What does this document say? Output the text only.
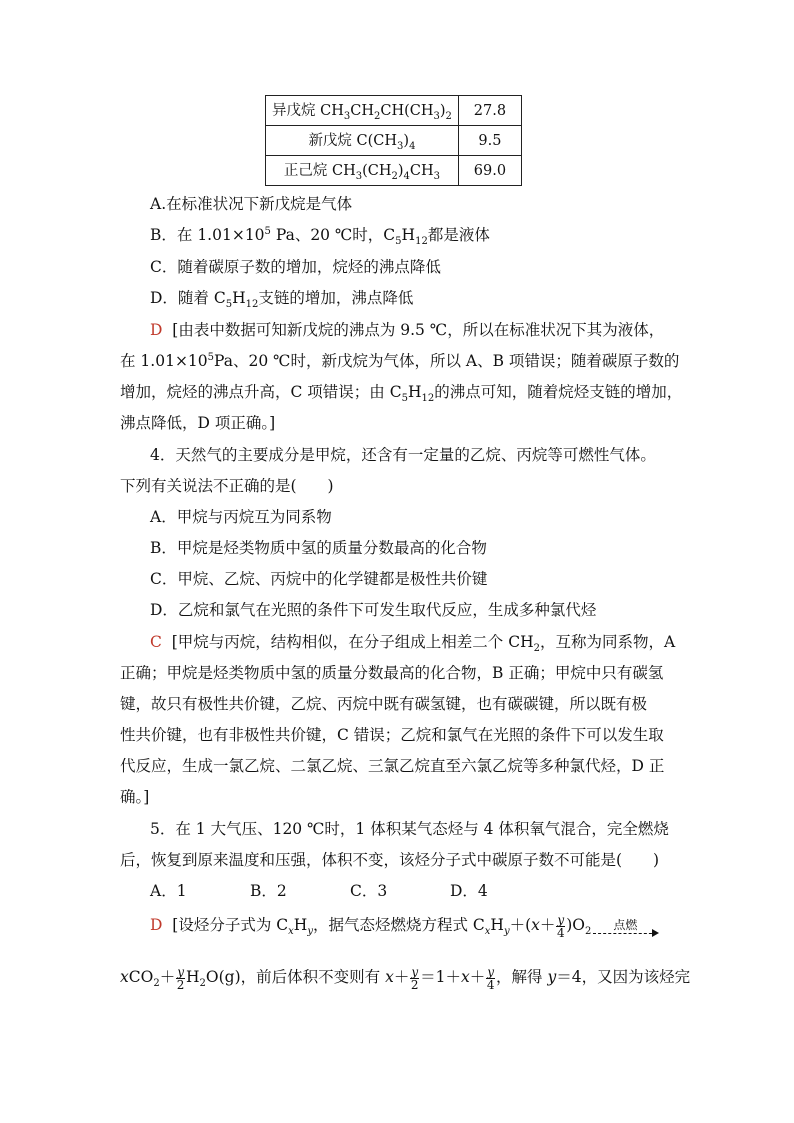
异戊烷 $CH_3CH_2CH(CH_3)_2$	27.8
新戊烷 $C(CH_3)_4$	9.5
正己烷 $CH_3(CH_2)_4CH_3$	69.0
A.在标准状况下新戊烷是气体
B．在 $1.01\times 10^5$ Pa、20 ℃时，$C_5H_{12}$都是液体
C．随着碳原子数的增加，烷烃的沸点降低
D．随着 $C_5H_{12}$支链的增加，沸点降低
D [由表中数据可知新戊烷的沸点为 9.5 ℃，所以在标准状况下其为液体，
在 $1.01\times 10^5Pa$、20 ℃时，新戊烷为气体，所以 A、B 项错误；随着碳原子数的
增加，烷烃的沸点升高，C 项错误；由 $C_5H_{12}$的沸点可知，随着烷烃支链的增加，
沸点降低，D 项正确。]
4．天然气的主要成分是甲烷，还含有一定量的乙烷、丙烷等可燃性气体。
下列有关说法不正确的是(　　)
A．甲烷与丙烷互为同系物
B．甲烷是烃类物质中氢的质量分数最高的化合物
C．甲烷、乙烷、丙烷中的化学键都是极性共价键
D．乙烷和氯气在光照的条件下可发生取代反应，生成多种氯代烃
C [甲烷与丙烷，结构相似，在分子组成上相差二个 $CH_2$，互称为同系物，A
正确；甲烷是烃类物质中氢的质量分数最高的化合物，B 正确；甲烷中只有碳氢
键，故只有极性共价键，乙烷、丙烷中既有碳氢键，也有碳碳键，所以既有极
性共价键，也有非极性共价键，C 错误；乙烷和氯气在光照的条件下可以发生取
代反应，生成一氯乙烷、二氯乙烷、三氯乙烷直至六氯乙烷等多种氯代烃，D 正
确。]
5．在 1 大气压、120 ℃时，1 体积某气态烃与 4 体积氧气混合，完全燃烧
后，恢复到原来温度和压强，体积不变，该烃分子式中碳原子数不可能是(　　)
A．1	B．2	C．3	D．4
D [设烃分子式为 $C_xH_y$，据气态烃燃烧方程式 $C_xH_y+(x+ \frac{y}{4} )O_2$
点燃
$xCO_2+ \frac{y}{2} H_2O(g)$，前后体积不变则有 $x+ \frac{y}{2} =1+x+ \frac{y}{4}$ ，解得 y＝4，又因为该烃完
